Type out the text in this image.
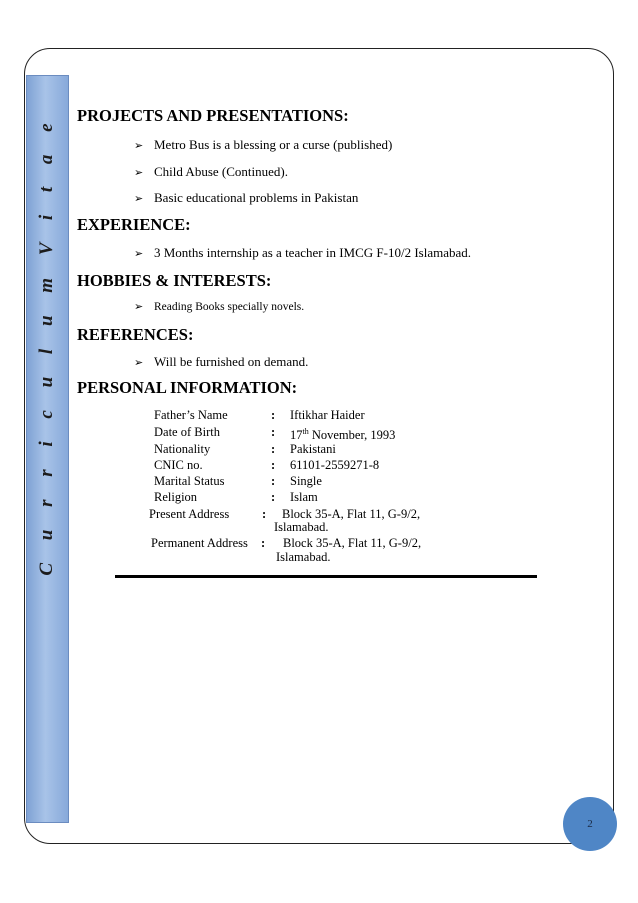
C u r r i c u l u m V i t a e PROJECTS AND PRESENTATIONS:
➢ Metro Bus is a blessing or a curse (published)
➢ Child Abuse (Continued).
➢ Basic educational problems in Pakistan
EXPERIENCE:
➢ 3 Months internship as a teacher in IMCG F-10/2 Islamabad.
HOBBIES & INTERESTS:
➢ Reading Books specially novels.
REFERENCES:
➢ Will be furnished on demand.
PERSONAL INFORMATION:
Father’s Name	: Iftikhar Haider
Date of Birth	: 17th November, 1993
Nationality	: Pakistani
CNIC no.	: 61101-2559271-8
Marital Status	: Single
Religion	: Islam
Present Address	: Block 35-A, Flat 11, G-9/2,
Islamabad.
Permanent Address : Block 35-A, Flat 11, G-9/2,
Islamabad.
2
